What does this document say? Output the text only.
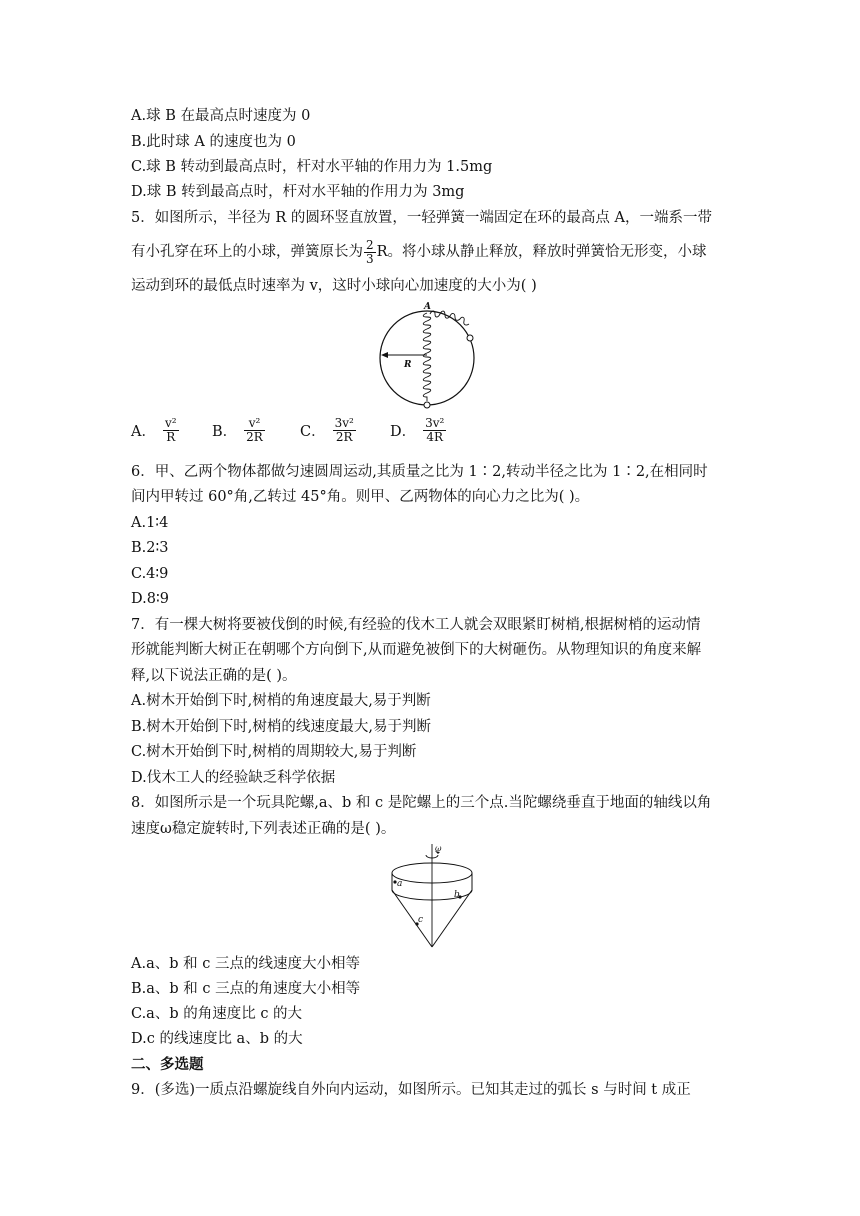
A.球 B 在最高点时速度为 0
B.此时球 A 的速度也为 0
C.球 B 转动到最高点时，杆对水平轴的作用力为 1.5mg
D.球 B 转到最高点时，杆对水平轴的作用力为 3mg
5．如图所示，半径为 R 的圆环竖直放置，一轻弹簧一端固定在环的最高点 A，一端系一带
有小孔穿在环上的小球，弹簧原长为 $\frac{2}{3}$ R。将小球从静止释放，释放时弹簧恰无形变，小球
运动到环的最低点时速率为 v，这时小球向心加速度的大小为( )
A
R
A． $\frac{\text{v²}}{R}$ B． $\frac{\text{v²}}{2R}$ C． $\frac{\text{3v²}}{2R}$ D． $\frac{\text{3v²}}{4R}$
6．甲、乙两个物体都做匀速圆周运动,其质量之比为 1∶2,转动半径之比为 1∶2,在相同时
间内甲转过 60°角,乙转过 45°角。则甲、乙两物体的向心力之比为( )。
A.1∶4
B.2∶3
C.4∶9
D.8∶9
7．有一棵大树将要被伐倒的时候,有经验的伐木工人就会双眼紧盯树梢,根据树梢的运动情
形就能判断大树正在朝哪个方向倒下,从而避免被倒下的大树砸伤。从物理知识的角度来解
释,以下说法正确的是( )。
A.树木开始倒下时,树梢的角速度最大,易于判断
B.树木开始倒下时,树梢的线速度最大,易于判断
C.树木开始倒下时,树梢的周期较大,易于判断
D.伐木工人的经验缺乏科学依据
8．如图所示是一个玩具陀螺,a、b 和 c 是陀螺上的三个点.当陀螺绕垂直于地面的轴线以角
速度ω稳定旋转时,下列表述正确的是( )。
ω
a
b
c
A.a、b 和 c 三点的线速度大小相等
B.a、b 和 c 三点的角速度大小相等
C.a、b 的角速度比 c 的大
D.c 的线速度比 a、b 的大
二、多选题
9．(多选)一质点沿螺旋线自外向内运动，如图所示。已知其走过的弧长 s 与时间 t 成正
